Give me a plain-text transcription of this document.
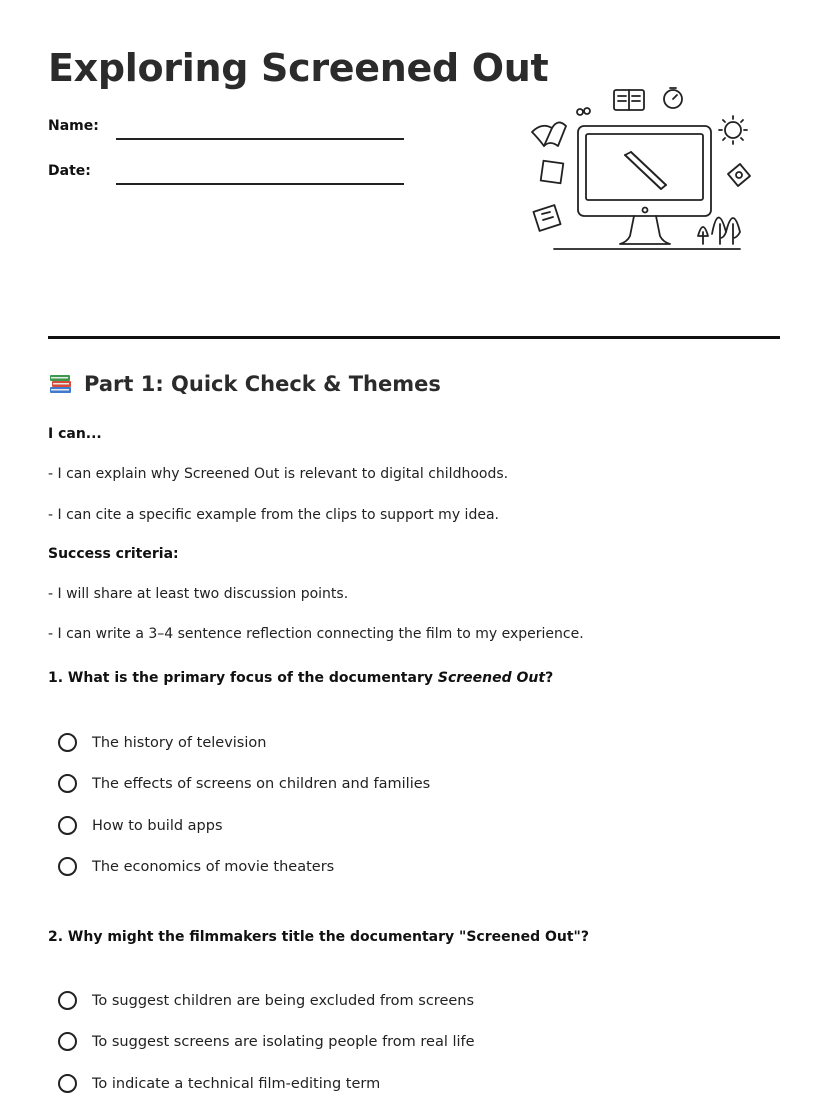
Exploring Screened Out
Name:
Date:
Part 1: Quick Check & Themes
I can...
- I can explain why Screened Out is relevant to digital childhoods.
- I can cite a specific example from the clips to support my idea.
Success criteria:
- I will share at least two discussion points.
- I can write a 3–4 sentence reflection connecting the film to my experience.
1. What is the primary focus of the documentary Screened Out?
The history of television
The effects of screens on children and families
How to build apps
The economics of movie theaters
2. Why might the filmmakers title the documentary "Screened Out"?
To suggest children are being excluded from screens
To suggest screens are isolating people from real life
To indicate a technical film-editing term
